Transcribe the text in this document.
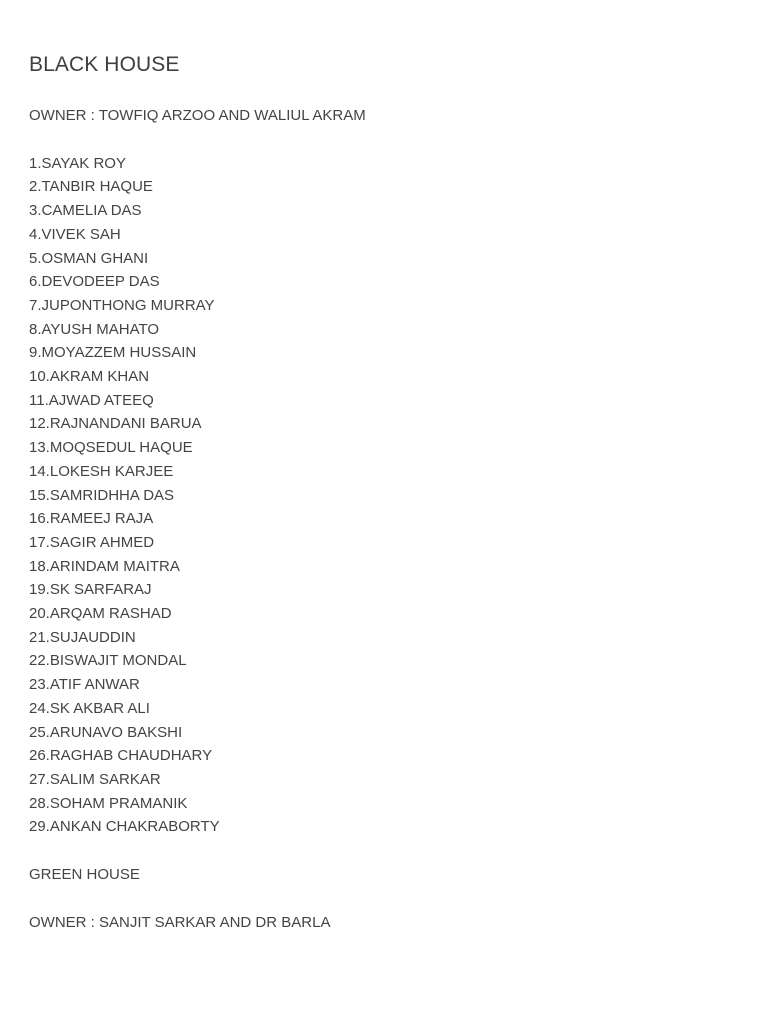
BLACK HOUSE

OWNER : TOWFIQ ARZOO AND WALIUL AKRAM

1.SAYAK ROY
2.TANBIR HAQUE
3.CAMELIA DAS
4.VIVEK SAH
5.OSMAN GHANI
6.DEVODEEP DAS
7.JUPONTHONG MURRAY
8.AYUSH MAHATO
9.MOYAZZEM HUSSAIN
10.AKRAM KHAN
11.AJWAD ATEEQ
12.RAJNANDANI BARUA
13.MOQSEDUL HAQUE
14.LOKESH KARJEE
15.SAMRIDHHA DAS
16.RAMEEJ RAJA
17.SAGIR AHMED
18.ARINDAM MAITRA
19.SK SARFARAJ
20.ARQAM RASHAD
21.SUJAUDDIN
22.BISWAJIT MONDAL
23.ATIF ANWAR
24.SK AKBAR ALI
25.ARUNAVO BAKSHI
26.RAGHAB CHAUDHARY
27.SALIM SARKAR
28.SOHAM PRAMANIK
29.ANKAN CHAKRABORTY

GREEN HOUSE

OWNER : SANJIT SARKAR AND DR BARLA
